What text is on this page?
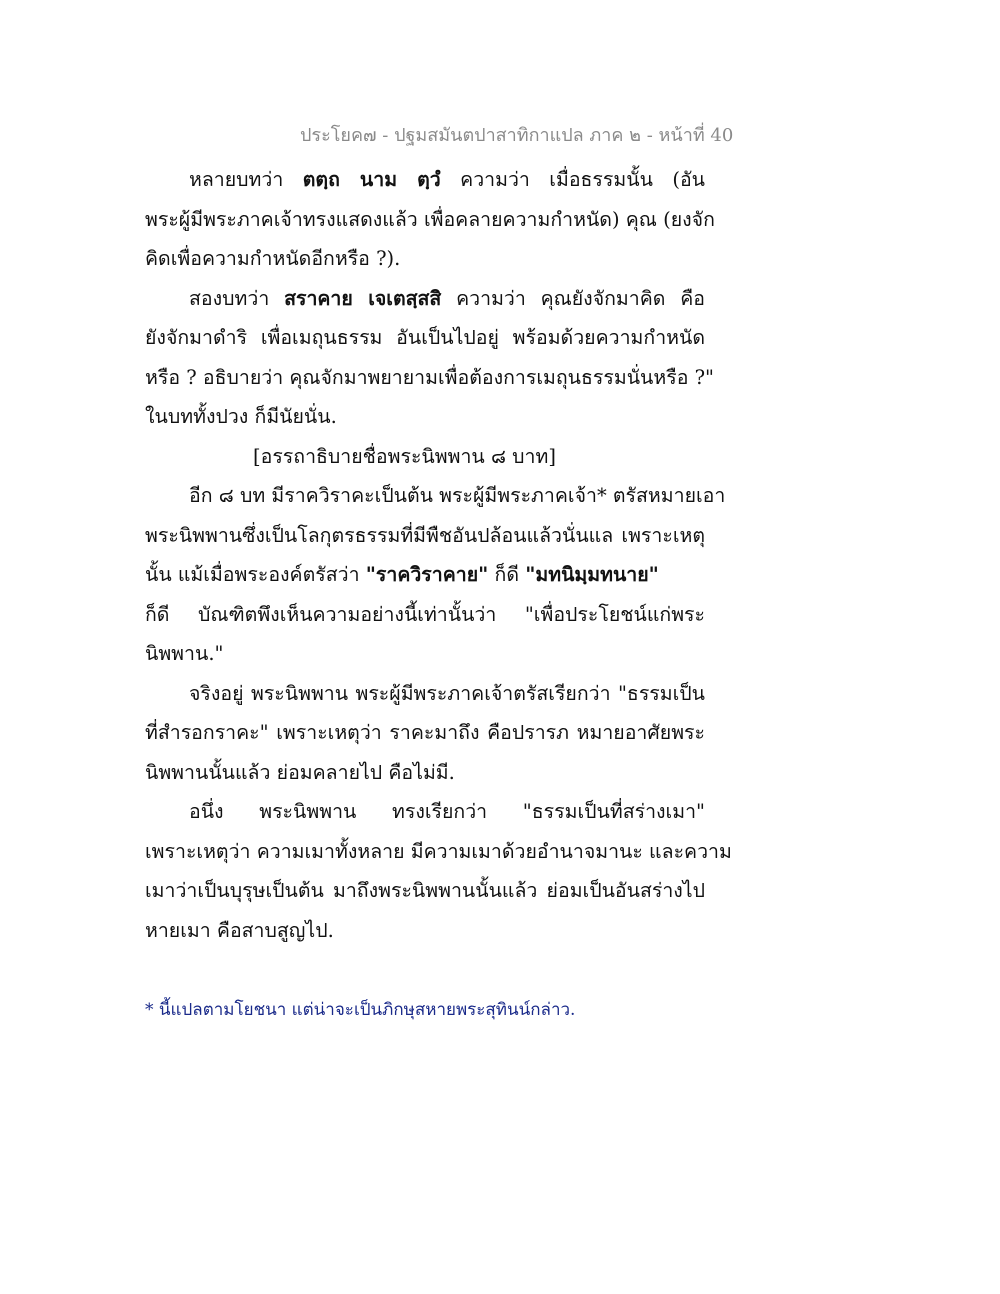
ประโยค๗ - ปฐมสมันตปาสาทิกาแปล ภาค ๒ - หน้าที่ 40
หลายบทว่า ตตฺถ นาม ตฺวํ ความว่า เมื่อธรรมนั้น (อัน
พระผู้มีพระภาคเจ้าทรงแสดงแล้ว เพื่อคลายความกำหนัด) คุณ (ยงจัก
คิดเพื่อความกำหนัดอีกหรือ ?).
สองบทว่า สราคาย เจเตสฺสสิ ความว่า คุณยังจักมาคิด คือ
ยังจักมาดำริ เพื่อเมถุนธรรม อันเป็นไปอยู่ พร้อมด้วยความกำหนัด
หรือ ? อธิบายว่า คุณจักมาพยายามเพื่อต้องการเมถุนธรรมนั่นหรือ ?"
ในบททั้งปวง ก็มีนัยนั่น.
[อรรถาธิบายชื่อพระนิพพาน ๘ บาท]
อีก ๘ บท มีราควิราคะเป็นต้น พระผู้มีพระภาคเจ้า* ตรัสหมายเอา
พระนิพพานซึ่งเป็นโลกุตรธรรมที่มีพืชอันปล้อนแล้วนั่นแล เพราะเหตุ
นั้น แม้เมื่อพระองค์ตรัสว่า "ราควิราคาย" ก็ดี "มทนิมฺมทนาย"
ก็ดี บัณฑิตพึงเห็นความอย่างนี้เท่านั้นว่า "เพื่อประโยชน์แก่พระ
นิพพาน."
จริงอยู่ พระนิพพาน พระผู้มีพระภาคเจ้าตรัสเรียกว่า "ธรรมเป็น
ที่สำรอกราคะ" เพราะเหตุว่า ราคะมาถึง คือปรารภ หมายอาศัยพระ
นิพพานนั้นแล้ว ย่อมคลายไป คือไม่มี.
อนึ่ง พระนิพพาน ทรงเรียกว่า "ธรรมเป็นที่สร่างเมา"
เพราะเหตุว่า ความเมาทั้งหลาย มีความเมาด้วยอำนาจมานะ และความ
เมาว่าเป็นบุรุษเป็นต้น มาถึงพระนิพพานนั้นแล้ว ย่อมเป็นอันสร่างไป
หายเมา คือสาบสูญไป.
* นี้แปลตามโยชนา แต่น่าจะเป็นภิกษุสหายพระสุทินน์กล่าว.
